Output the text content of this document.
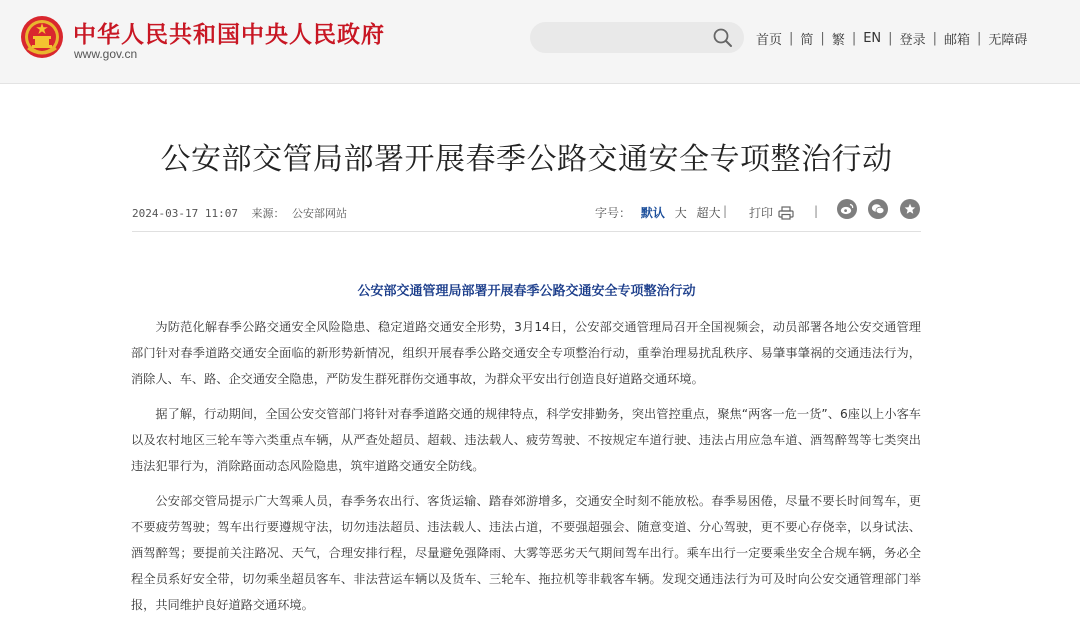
中华人民共和国中央人民政府
www.gov.cn
首页 | 简 | 繁 | EN | 登录 | 邮箱 | 无障碍
公安部交管局部署开展春季公路交通安全专项整治行动
2024-03-17 11:07 来源： 公安部网站	字号： 默认 大 超大 | 打印	|
公安部交通管理局部署开展春季公路交通安全专项整治行动

为防范化解春季公路交通安全风险隐患、稳定道路交通安全形势，3月14日，公安部交通管理局召开全国视频会，动员部署各地公安交通管理部门针对春季道路交通安全面临的新形势新情况，组织开展春季公路交通安全专项整治行动，重拳治理易扰乱秩序、易肇事肇祸的交通违法行为，消除人、车、路、企交通安全隐患，严防发生群死群伤交通事故，为群众平安出行创造良好道路交通环境。

据了解，行动期间，全国公安交管部门将针对春季道路交通的规律特点，科学安排勤务，突出管控重点，聚焦“两客一危一货”、6座以上小客车以及农村地区三轮车等六类重点车辆，从严查处超员、超载、违法载人、疲劳驾驶、不按规定车道行驶、违法占用应急车道、酒驾醉驾等七类突出违法犯罪行为，消除路面动态风险隐患，筑牢道路交通安全防线。

公安部交管局提示广大驾乘人员，春季务农出行、客货运输、踏春郊游增多，交通安全时刻不能放松。春季易困倦，尽量不要长时间驾车，更不要疲劳驾驶；驾车出行要遵规守法，切勿违法超员、违法载人、违法占道，不要强超强会、随意变道、分心驾驶，更不要心存侥幸，以身试法、酒驾醉驾；要提前关注路况、天气，合理安排行程，尽量避免强降雨、大雾等恶劣天气期间驾车出行。乘车出行一定要乘坐安全合规车辆，务必全程全员系好安全带，切勿乘坐超员客车、非法营运车辆以及货车、三轮车、拖拉机等非载客车辆。发现交通违法行为可及时向公安交通管理部门举报，共同维护良好道路交通环境。
